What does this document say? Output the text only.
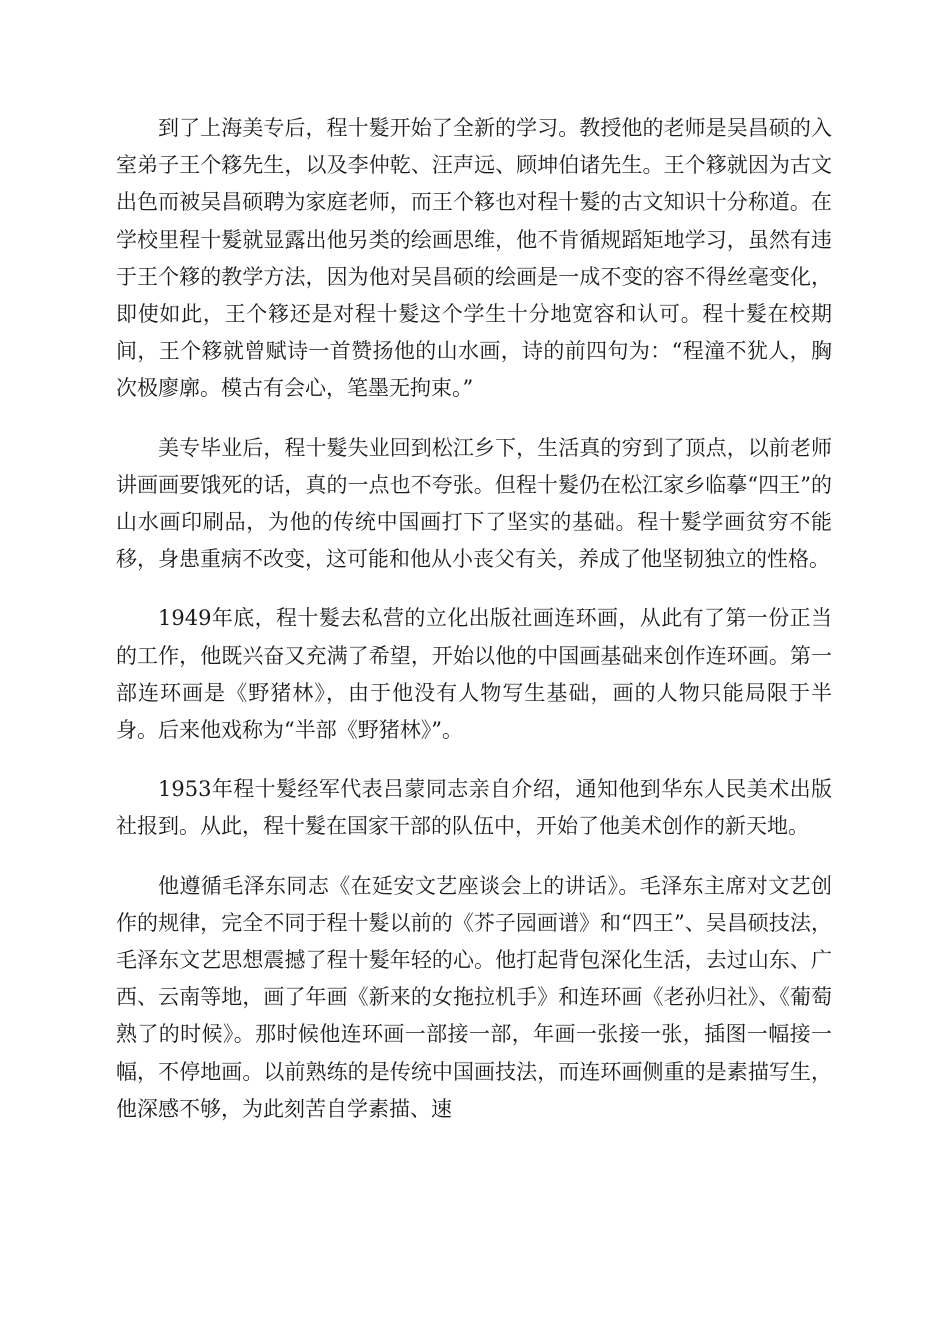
到了上海美专后，程十髮开始了全新的学习。教授他的老师是吴昌硕的入室弟子王个簃先生，以及李仲乾、汪声远、顾坤伯诸先生。王个簃就因为古文出色而被吴昌硕聘为家庭老师，而王个簃也对程十髮的古文知识十分称道。在学校里程十髮就显露出他另类的绘画思维，他不肯循规蹈矩地学习，虽然有违于王个簃的教学方法，因为他对吴昌硕的绘画是一成不变的容不得丝毫变化，即使如此，王个簃还是对程十髮这个学生十分地宽容和认可。程十髮在校期间，王个簃就曾赋诗一首赞扬他的山水画，诗的前四句为：“程潼不犹人，胸次极廖廓。模古有会心，笔墨无拘束。”

美专毕业后，程十髮失业回到松江乡下，生活真的穷到了顶点，以前老师讲画画要饿死的话，真的一点也不夸张。但程十髮仍在松江家乡临摹“四王”的山水画印刷品，为他的传统中国画打下了坚实的基础。程十髮学画贫穷不能移，身患重病不改变，这可能和他从小丧父有关，养成了他坚韧独立的性格。

1949年底，程十髮去私营的立化出版社画连环画，从此有了第一份正当的工作，他既兴奋又充满了希望，开始以他的中国画基础来创作连环画。第一部连环画是《野猪林》，由于他没有人物写生基础，画的人物只能局限于半身。后来他戏称为“半部《野猪林》”。

1953年程十髮经军代表吕蒙同志亲自介绍，通知他到华东人民美术出版社报到。从此，程十髮在国家干部的队伍中，开始了他美术创作的新天地。

他遵循毛泽东同志《在延安文艺座谈会上的讲话》。毛泽东主席对文艺创作的规律，完全不同于程十髮以前的《芥子园画谱》和“四王”、吴昌硕技法，毛泽东文艺思想震撼了程十髮年轻的心。他打起背包深化生活，去过山东、广西、云南等地，画了年画《新来的女拖拉机手》和连环画《老孙归社》、《葡萄熟了的时候》。那时候他连环画一部接一部，年画一张接一张，插图一幅接一幅，不停地画。以前熟练的是传统中国画技法，而连环画侧重的是素描写生，他深感不够，为此刻苦自学素描、速
